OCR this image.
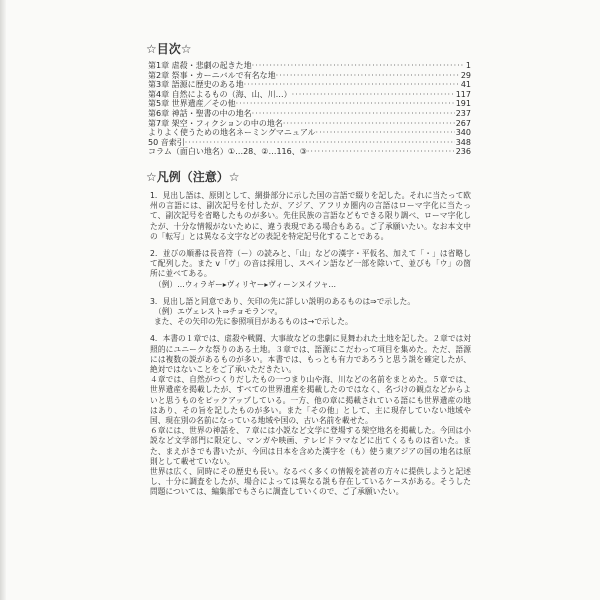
☆目次☆
第1章 虐殺・悲劇の起きた地 ·····	1
第2章 祭事・カーニバルで有名な地 ·····	29
第3章 語源に歴史のある地 ·····	41
第4章 自然によるもの（海、山、川…） ·····	117
第5章 世界遺産／その他 ·····	191
第6章 神話・聖書の中の地名 ·····	237
第7章 架空・フィクションの中の地名 ·····	267
よりよく使うための地名ネーミングマニュアル ·····	340
50 音索引 ·····	348
コラム（面白い地名）①…28、②…116、③ ·····	236
☆凡例（注意）☆

1．見出し語は、原則として、網掛部分に示した国の言語で綴りを記した。それに当たって欧州の言語には、副次記号を付したが、アジア、アフリカ圏内の言語はローマ字化に当たって、副次記号を省略したものが多い。先住民族の言語などもできる限り調べ、ローマ字化したが、十分な情報がないために、違う表現である場合もある。ご了承願いたい。なお本文中の「転写」とは異なる文字などの表記を特定記号化することである。

2．並びの順番は長音符（ー）の読みと、「山」などの漢字・平仮名、加えて「・」は省略して配列した。また v「ヴ」の音は採用し、スペイン語など一部を除いて、並びも「ウ」の箇所に並べてある。

（例）…ウィラギー▸ヴィリヤー▸ヴィーンヌイツャ…

3．見出し語と同意であり、矢印の先に詳しい説明のあるものは⇒で示した。

（例）エヴェレスト⇒チョモランマ。

また、その矢印の先に参照項目があるものは→で示した。

4．本書の１章では、虐殺や戦闘、大事故などの悲劇に見舞われた土地を記した。２章では対照的にユニークな祭りのある土地。３章では、語源にこだわって項目を集めた。ただ、語源には複数の説があるものが多い。本書では、もっとも有力であろうと思う説を確定したが、絶対ではないことをご了承いただきたい。

４章では、自然がつくりだしたもの一つまり山や海、川などの名前をまとめた。５章では、世界遺産を掲載したが、すべての世界遺産を掲載したのではなく、名づけの観点などからよいと思うものをピックアップしている。一方、他の章に掲載されている語にも世界遺産の地はあり、その旨を記したものが多い。また「その他」として、主に現存していない地域や国、現在別の名前になっている地域や国の、古い名前を載せた。

６章には、世界の神話を、７章には小説など文学に登場する架空地名を掲載した。今回は小説など文学部門に限定し、マンガや映画、テレビドラマなどに出てくるものは省いた。また、まえがきでも書いたが、今回は日本を含めた漢字を（も）使う東アジアの国の地名は原則として載せていない。

世界は広く、同時にその歴史も長い。なるべく多くの情報を読者の方々に提供しようと記述し、十分に調査をしたが、場合によっては異なる説も存在しているケースがある。そうした問題については、編集部でもさらに調査していくので、ご了承願いたい。
